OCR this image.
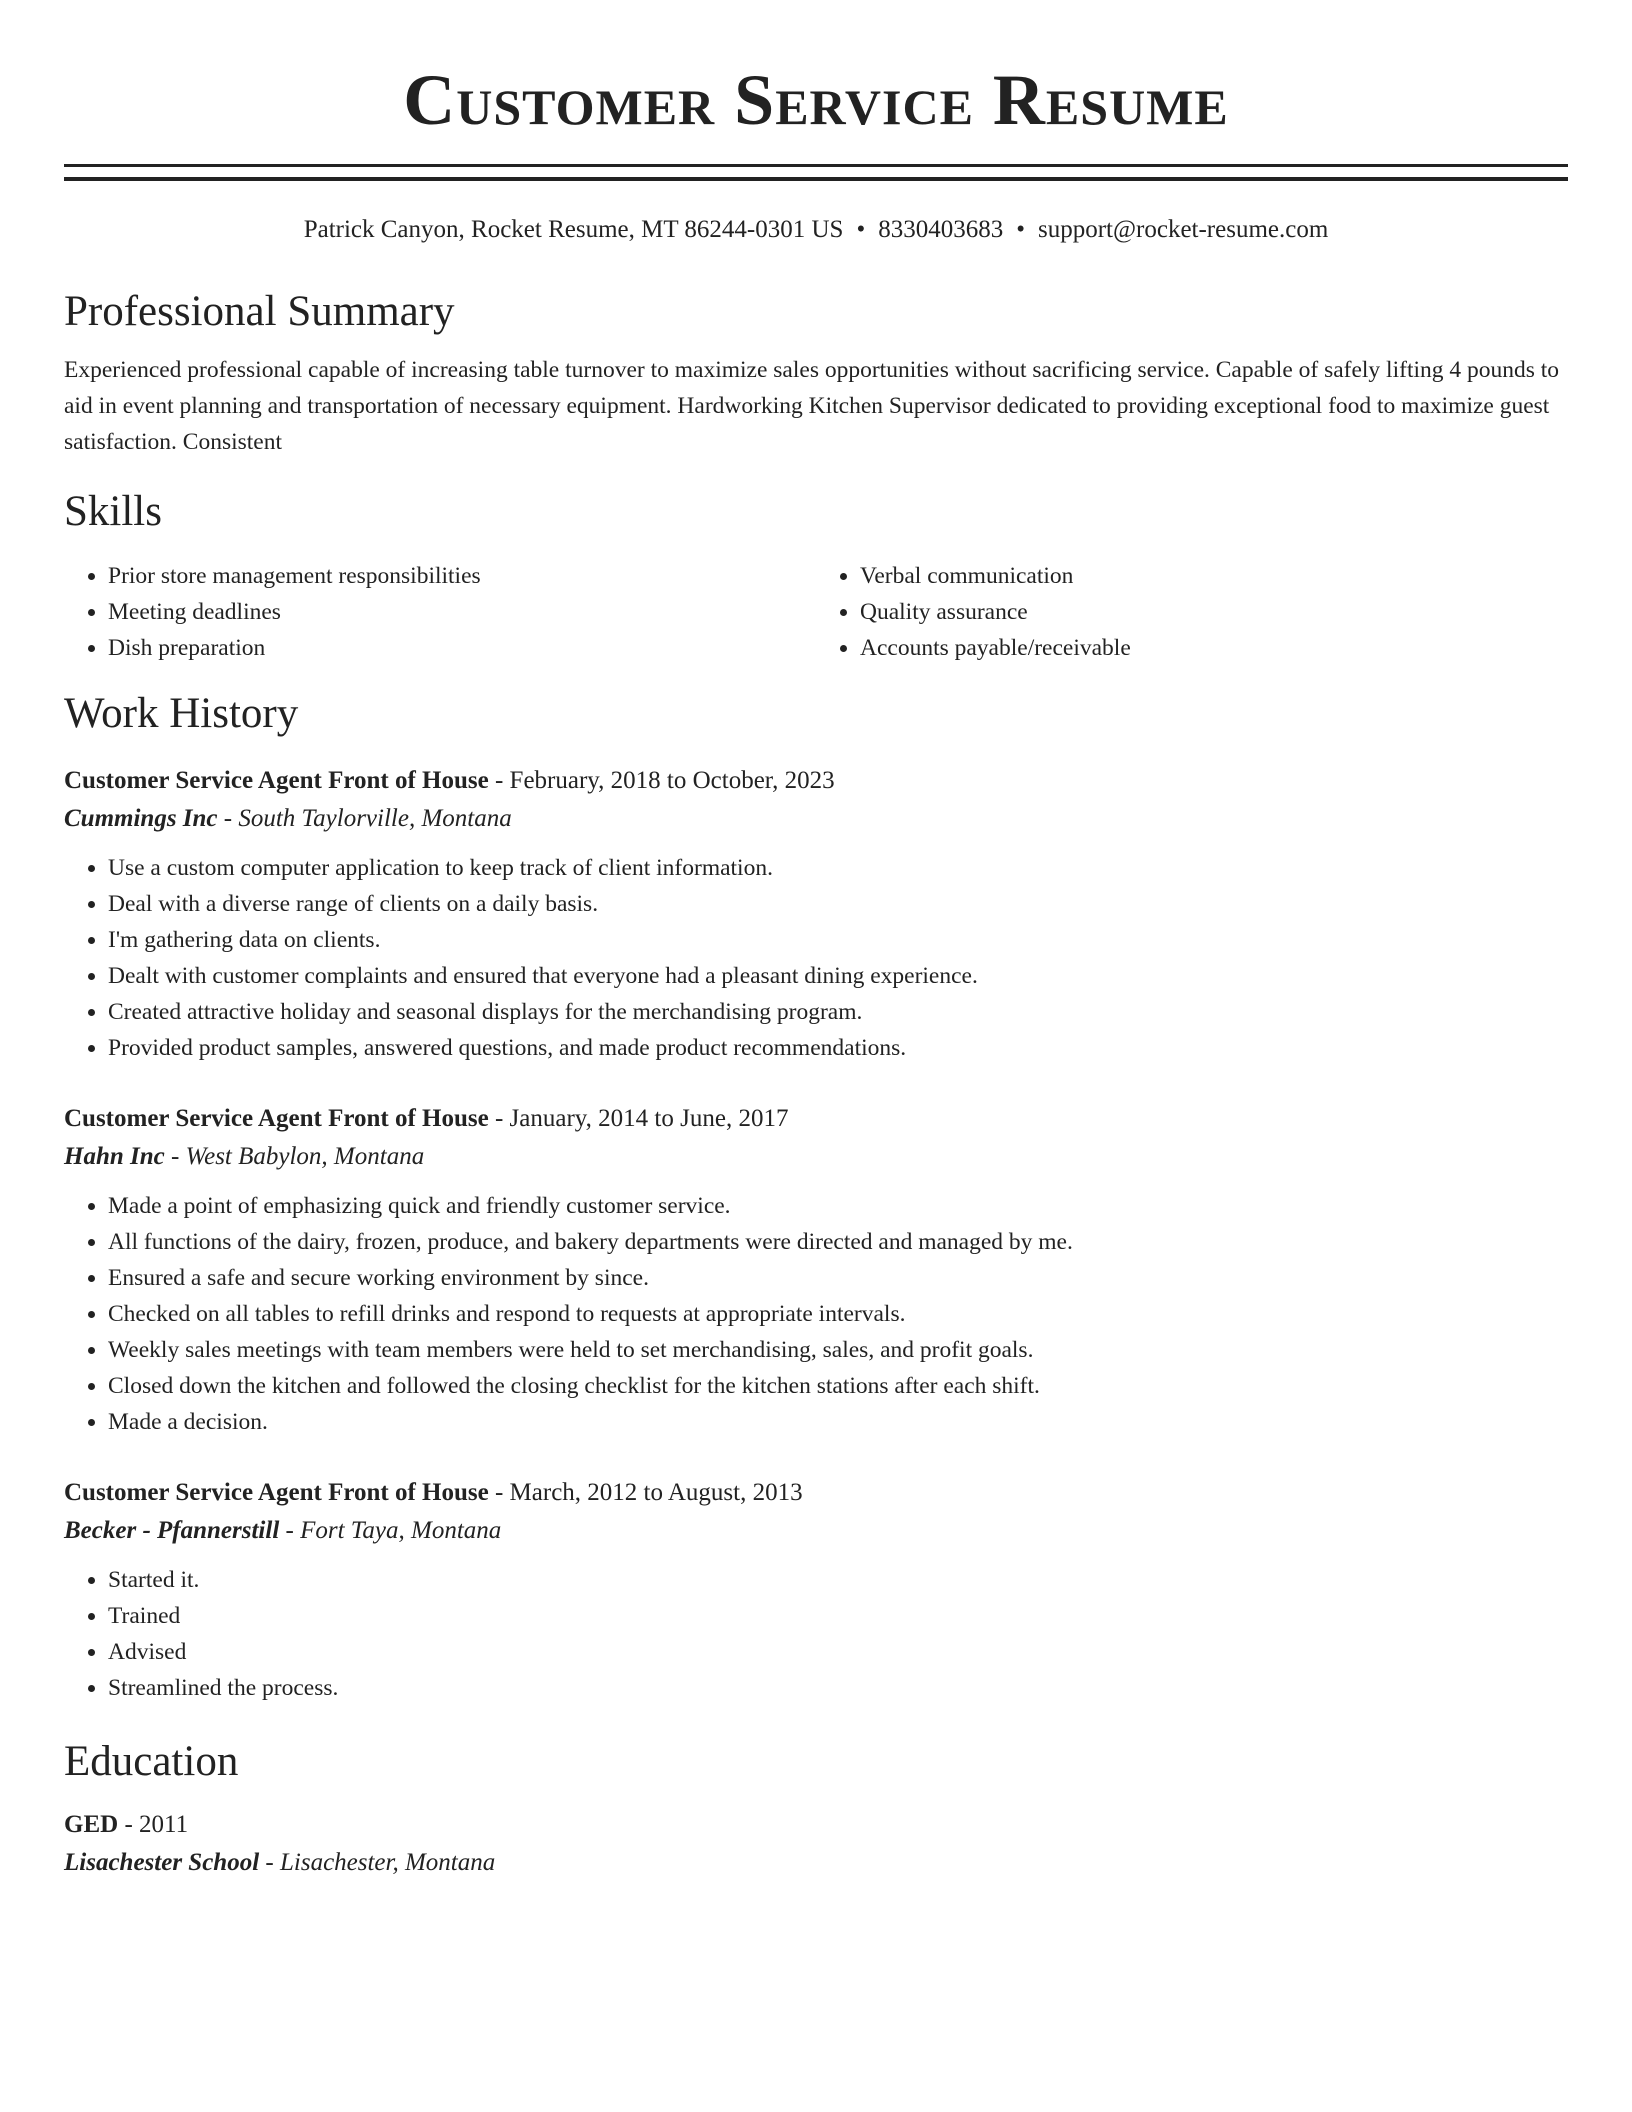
Customer Service Resume
Patrick Canyon, Rocket Resume, MT 86244-0301 US • 8330403683 • support@rocket-resume.com
Professional Summary

Experienced professional capable of increasing table turnover to maximize sales opportunities without sacrificing service. Capable of safely lifting 4 pounds to aid in event planning and transportation of necessary equipment. Hardworking Kitchen Supervisor dedicated to providing exceptional food to maximize guest satisfaction. Consistent

Skills
• Prior store management responsibilities
• Meeting deadlines
• Dish preparation
• Verbal communication
• Quality assurance
• Accounts payable/receivable
Work History
Customer Service Agent Front of House - February, 2018 to October, 2023
Cummings Inc - South Taylorville, Montana
• Use a custom computer application to keep track of client information.
• Deal with a diverse range of clients on a daily basis.
• I'm gathering data on clients.
• Dealt with customer complaints and ensured that everyone had a pleasant dining experience.
• Created attractive holiday and seasonal displays for the merchandising program.
• Provided product samples, answered questions, and made product recommendations.
Customer Service Agent Front of House - January, 2014 to June, 2017
Hahn Inc - West Babylon, Montana
• Made a point of emphasizing quick and friendly customer service.
• All functions of the dairy, frozen, produce, and bakery departments were directed and managed by me.
• Ensured a safe and secure working environment by since.
• Checked on all tables to refill drinks and respond to requests at appropriate intervals.
• Weekly sales meetings with team members were held to set merchandising, sales, and profit goals.
• Closed down the kitchen and followed the closing checklist for the kitchen stations after each shift.
• Made a decision.
Customer Service Agent Front of House - March, 2012 to August, 2013
Becker - Pfannerstill - Fort Taya, Montana
• Started it.
• Trained
• Advised
• Streamlined the process.
Education
GED - 2011
Lisachester School - Lisachester, Montana
